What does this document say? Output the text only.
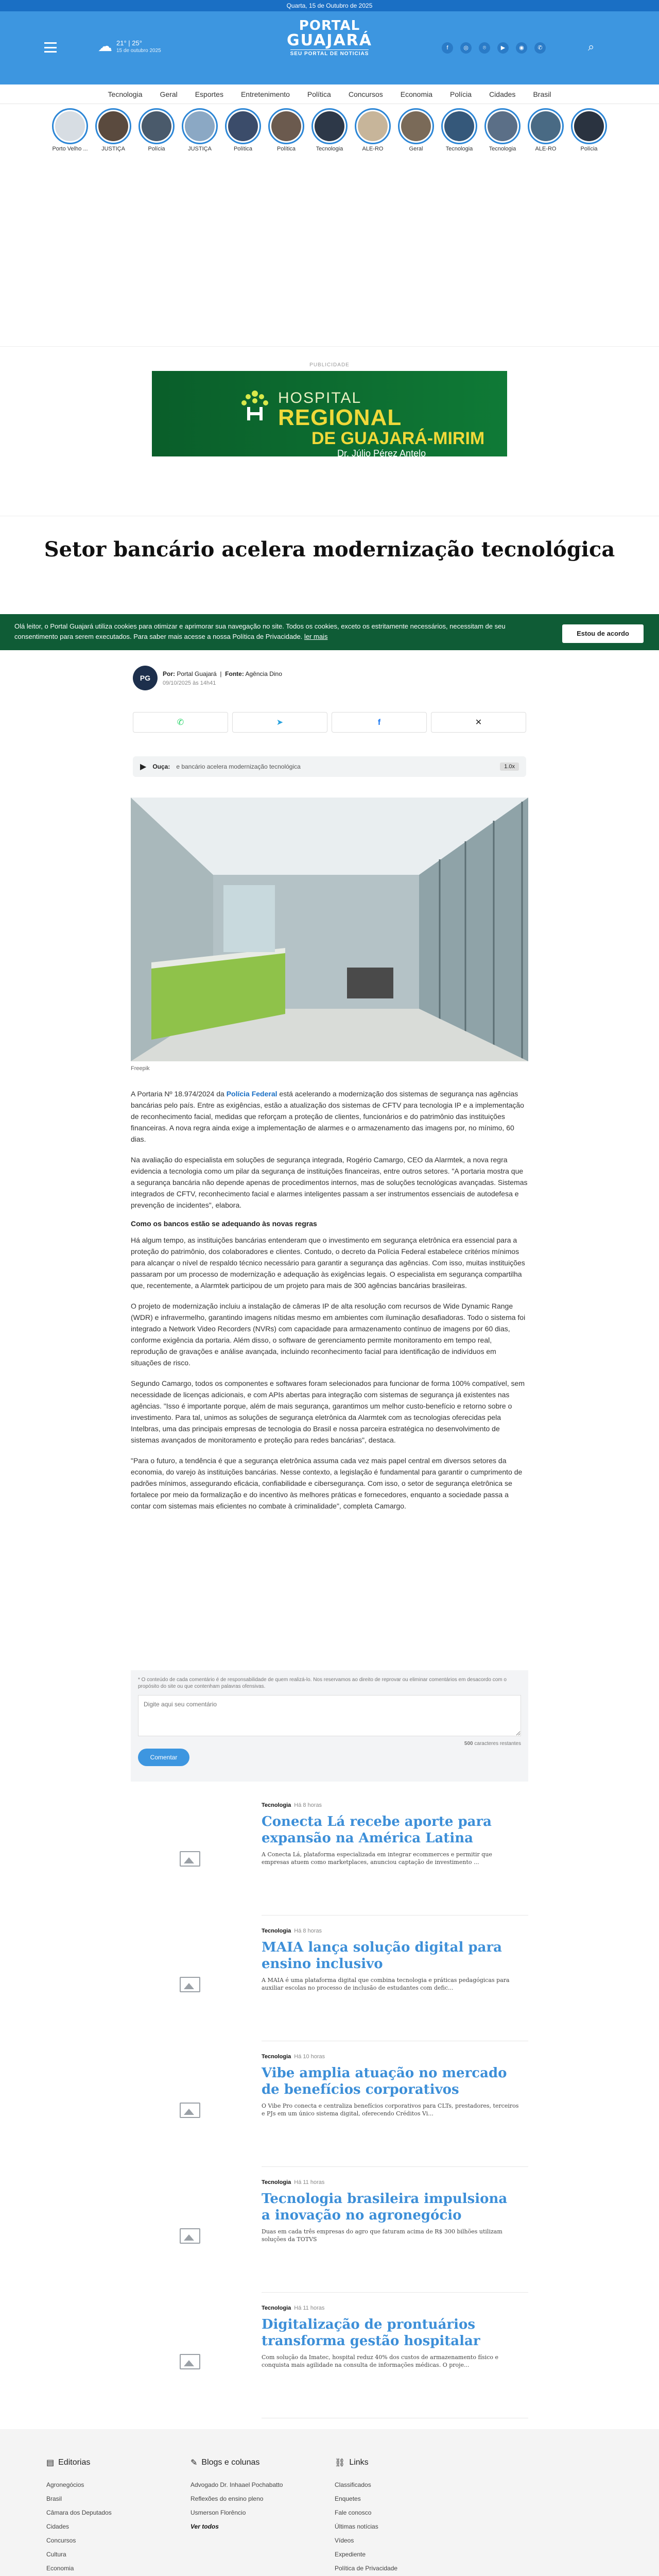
Quarta, 15 de Outubro de 2025
☁ 21° | 25°
15 de outubro 2025
PORTAL
GUAJARÁ
SEU PORTAL DE NOTICIAS
f	◎	⌾	▶	◉	✆	⌕
Tecnologia Geral Esportes Entretenimento Política Concursos Economia Polícia Cidades Brasil
Porto Velho ...	JUSTIÇA	Polícia	JUSTIÇA	Política	Política	Tecnologia	ALE-RO	Geral	Tecnologia	Tecnologia	ALE-RO	Polícia
PUBLICIDADE
HOSPITAL
REGIONAL
DE GUAJARÁ-MIRIM
Dr. Júlio Pérez Antelo
Setor bancário acelera modernização tecnológica
Olá leitor, o Portal Guajará utiliza cookies para otimizar e aprimorar sua navegação no site. Todos os cookies, exceto os estritamente necessários, necessitam de seu consentimento para serem executados. Para saber mais acesse a nossa Política de Privacidade. ler mais	Estou de acordo
PG
Por: Portal Guajará  |  Fonte: Agência Dino
09/10/2025 às 14h41
✆	➤	f	✕
▶ Ouça: e bancário acelera modernização tecnológica	1.0x
Freepik

A Portaria Nº 18.974/2024 da Polícia Federal está acelerando a modernização dos sistemas de segurança nas agências bancárias pelo país. Entre as exigências, estão a atualização dos sistemas de CFTV para tecnologia IP e a implementação de reconhecimento facial, medidas que reforçam a proteção de clientes, funcionários e do patrimônio das instituições financeiras. A nova regra ainda exige a implementação de alarmes e o armazenamento das imagens por, no mínimo, 60 dias.

Na avaliação do especialista em soluções de segurança integrada, Rogério Camargo, CEO da Alarmtek, a nova regra evidencia a tecnologia como um pilar da segurança de instituições financeiras, entre outros setores. "A portaria mostra que a segurança bancária não depende apenas de procedimentos internos, mas de soluções tecnológicas avançadas. Sistemas integrados de CFTV, reconhecimento facial e alarmes inteligentes passam a ser instrumentos essenciais de autodefesa e prevenção de incidentes", elabora.

Como os bancos estão se adequando às novas regras

Há algum tempo, as instituições bancárias entenderam que o investimento em segurança eletrônica era essencial para a proteção do patrimônio, dos colaboradores e clientes. Contudo, o decreto da Polícia Federal estabelece critérios mínimos para alcançar o nível de respaldo técnico necessário para garantir a segurança das agências. Com isso, muitas instituições passaram por um processo de modernização e adequação às exigências legais. O especialista em segurança compartilha que, recentemente, a Alarmtek participou de um projeto para mais de 300 agências bancárias brasileiras.

O projeto de modernização incluiu a instalação de câmeras IP de alta resolução com recursos de Wide Dynamic Range (WDR) e infravermelho, garantindo imagens nítidas mesmo em ambientes com iluminação desafiadoras. Todo o sistema foi integrado a Network Video Recorders (NVRs) com capacidade para armazenamento contínuo de imagens por 60 dias, conforme exigência da portaria. Além disso, o software de gerenciamento permite monitoramento em tempo real, reprodução de gravações e análise avançada, incluindo reconhecimento facial para identificação de indivíduos em situações de risco.

Segundo Camargo, todos os componentes e softwares foram selecionados para funcionar de forma 100% compatível, sem necessidade de licenças adicionais, e com APIs abertas para integração com sistemas de segurança já existentes nas agências. "Isso é importante porque, além de mais segurança, garantimos um melhor custo-benefício e retorno sobre o investimento. Para tal, unimos as soluções de segurança eletrônica da Alarmtek com as tecnologias oferecidas pela Intelbras, uma das principais empresas de tecnologia do Brasil e nossa parceira estratégica no desenvolvimento de sistemas avançados de monitoramento e proteção para redes bancárias", destaca.

"Para o futuro, a tendência é que a segurança eletrônica assuma cada vez mais papel central em diversos setores da economia, do varejo às instituições bancárias. Nesse contexto, a legislação é fundamental para garantir o cumprimento de padrões mínimos, assegurando eficácia, confiabilidade e cibersegurança. Com isso, o setor de segurança eletrônica se fortalece por meio da formalização e do incentivo às melhores práticas e fornecedores, enquanto a sociedade passa a contar com sistemas mais eficientes no combate à criminalidade", completa Camargo.

* O conteúdo de cada comentário é de responsabilidade de quem realizá-lo. Nos reservamos ao direito de reprovar ou eliminar comentários em desacordo com o propósito do site ou que contenham palavras ofensivas.
Digite aqui seu comentário
500 caracteres restantes
Comentar
Tecnologia Há 8 horas
Conecta Lá recebe aporte para expansão na América Latina
A Conecta Lá, plataforma especializada em integrar ecommerces e permitir que empresas atuem como marketplaces, anunciou captação de investimento ...
Tecnologia Há 8 horas
MAIA lança solução digital para ensino inclusivo
A MAIA é uma plataforma digital que combina tecnologia e práticas pedagógicas para auxiliar escolas no processo de inclusão de estudantes com defic...
Tecnologia Há 10 horas
Vibe amplia atuação no mercado de benefícios corporativos
O Vibe Pro conecta e centraliza benefícios corporativos para CLTs, prestadores, terceiros e PJs em um único sistema digital, oferecendo Créditos Vi...
Tecnologia Há 11 horas
Tecnologia brasileira impulsiona a inovação no agronegócio
Duas em cada três empresas do agro que faturam acima de R$ 300 bilhões utilizam soluções da TOTVS
Tecnologia Há 11 horas
Digitalização de prontuários transforma gestão hospitalar
Com solução da Imatec, hospital reduz 40% dos custos de armazenamento físico e conquista mais agilidade na consulta de informações médicas. O proje...
▤ Editorias
Agronegócios
Brasil
Câmara dos Deputados
Cidades
Concursos
Cultura
Economia
✎ Blogs e colunas
Advogado Dr. Inhaael Pochabatto
Reflexões do ensino pleno
Usmerson Florêncio
Ver todos
⛓ Links
Classificados
Enquetes
Fale conosco
Últimas notícias
Vídeos
Expediente
Política de Privacidade
